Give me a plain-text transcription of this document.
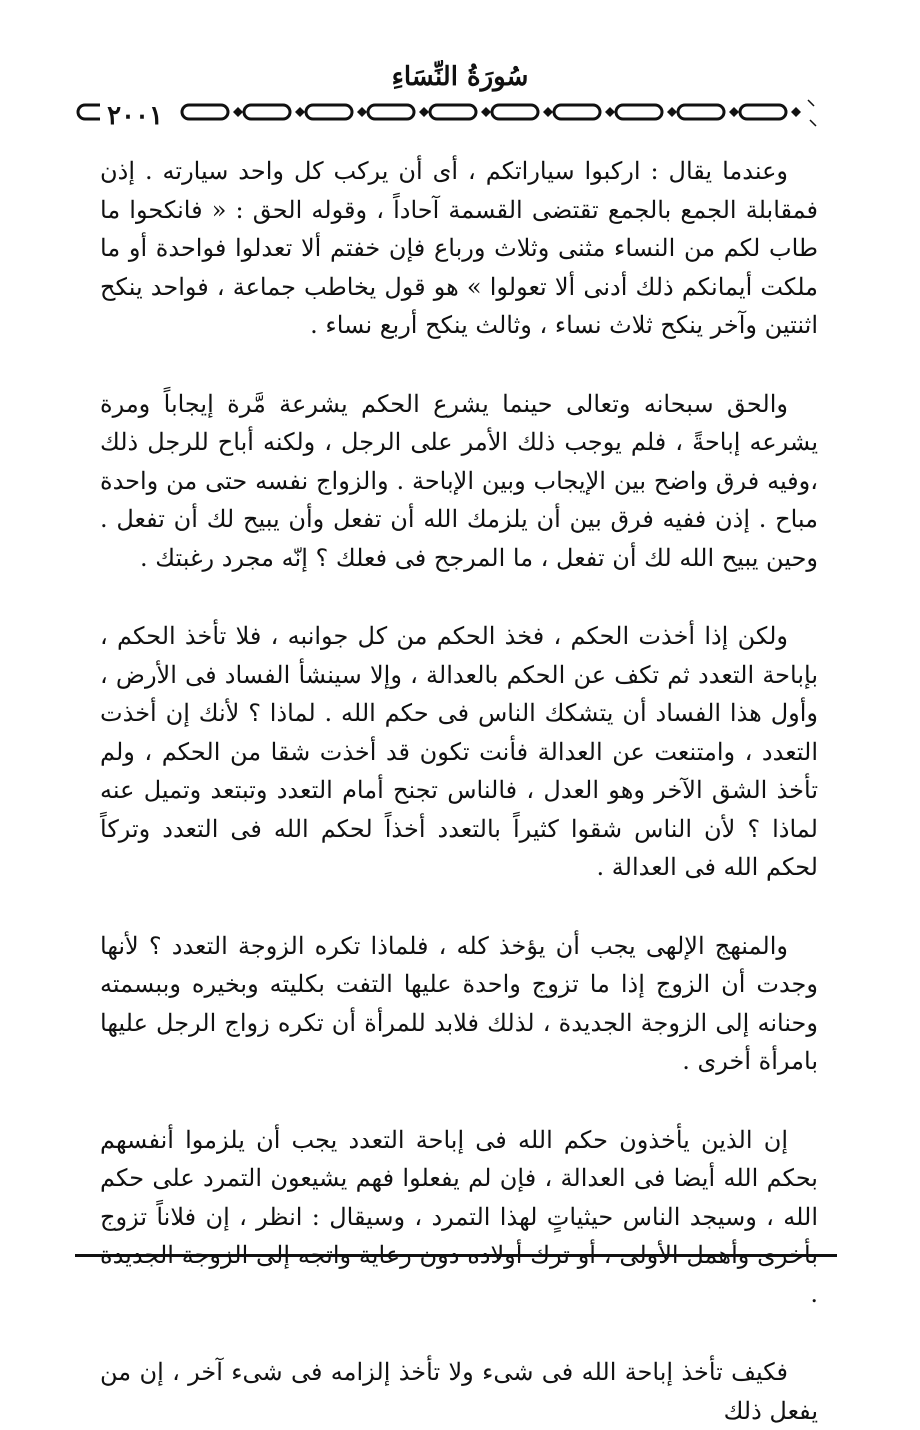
سُورَةُ النِّسَاءِ
٢٠٠١

وعندما يقال : اركبوا سياراتكم ، أى أن يركب كل واحد سيارته . إذن فمقابلة الجمع بالجمع تقتضى القسمة آحاداً ، وقوله الحق : « فانكحوا ما طاب لكم من النساء مثنى وثلاث ورباع فإن خفتم ألا تعدلوا فواحدة أو ما ملكت أيمانكم ذلك أدنى ألا تعولوا » هو قول يخاطب جماعة ، فواحد ينكح اثنتين وآخر ينكح ثلاث نساء ، وثالث ينكح أربع نساء .

والحق سبحانه وتعالى حينما يشرع الحكم يشرعة مَّرة إيجاباً ومرة يشرعه إباحةً ، فلم يوجب ذلك الأمر على الرجل ، ولكنه أباح للرجل ذلك ،وفيه فرق واضح بين الإيجاب وبين الإباحة . والزواج نفسه حتى من واحدة مباح . إذن ففيه فرق بين أن يلزمك الله أن تفعل وأن يبيح لك أن تفعل . وحين يبيح الله لك أن تفعل ، ما المرجح فى فعلك ؟ إنّه مجرد رغبتك .

ولكن إذا أخذت الحكم ، فخذ الحكم من كل جوانبه ، فلا تأخذ الحكم ، بإباحة التعدد ثم تكف عن الحكم بالعدالة ، وإلا سينشأ الفساد فى الأرض ، وأول هذا الفساد أن يتشكك الناس فى حكم الله . لماذا ؟ لأنك إن أخذت التعدد ، وامتنعت عن العدالة فأنت تكون قد أخذت شقا من الحكم ، ولم تأخذ الشق الآخر وهو العدل ، فالناس تجنح أمام التعدد وتبتعد وتميل عنه لماذا ؟ لأن الناس شقوا كثيراً بالتعدد أخذاً لحكم الله فى التعدد وتركاً لحكم الله فى العدالة .

والمنهج الإلهى يجب أن يؤخذ كله ، فلماذا تكره الزوجة التعدد ؟ لأنها وجدت أن الزوج إذا ما تزوج واحدة عليها التفت بكليته وبخيره وببسمته وحنانه إلى الزوجة الجديدة ، لذلك فلابد للمرأة أن تكره زواج الرجل عليها بامرأة أخرى .

إن الذين يأخذون حكم الله فى إباحة التعدد يجب أن يلزموا أنفسهم بحكم الله أيضا فى العدالة ، فإن لم يفعلوا فهم يشيعون التمرد على حكم الله ، وسيجد الناس حيثياتٍ لهذا التمرد ، وسيقال : انظر ، إن فلاناً تزوج بأخرى وأهمل الأولى ، أو ترك أولاده دون رعاية واتجه إلى الزوجة الجديدة .

فكيف تأخذ إباحة الله فى شىء ولا تأخذ إلزامه فى شىء آخر ، إن من يفعل ذلك
